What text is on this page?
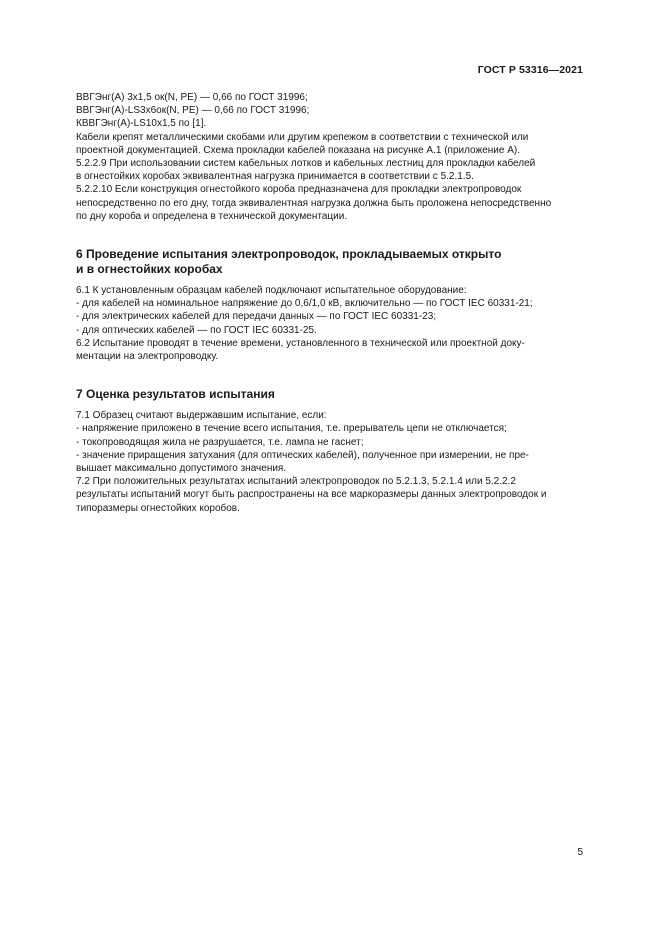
ГОСТ Р 53316—2021

ВВГЭнг(А) 3х1,5 ок(N, PE) — 0,66 по ГОСТ 31996;

ВВГЭнг(А)-LS3х6ок(N, PE) — 0,66 по ГОСТ 31996;

КВВГЭнг(А)-LS10х1,5 по [1].

Кабели крепят металлическими скобами или другим крепежом в соответствии с технической или

проектной документацией. Схема прокладки кабелей показана на рисунке А.1 (приложение А).

5.2.2.9 При использовании систем кабельных лотков и кабельных лестниц для прокладки кабелей

в огнестойких коробах эквивалентная нагрузка принимается в соответствии с 5.2.1.5.

5.2.2.10 Если конструкция огнестойкого короба предназначена для прокладки электропроводок

непосредственно по его дну, тогда эквивалентная нагрузка должна быть проложена непосредственно

по дну короба и определена в технической документации.

6 Проведение испытания электропроводок, прокладываемых открыто

и в огнестойких коробах

6.1 К установленным образцам кабелей подключают испытательное оборудование:

- для кабелей на номинальное напряжение до 0,6/1,0 кВ, включительно — по ГОСТ IEC 60331-21;

- для электрических кабелей для передачи данных — по ГОСТ IEC 60331-23;

- для оптических кабелей — по ГОСТ IEC 60331-25.

6.2 Испытание проводят в течение времени, установленного в технической или проектной доку-

ментации на электропроводку.

7 Оценка результатов испытания

7.1 Образец считают выдержавшим испытание, если:

- напряжение приложено в течение всего испытания, т.е. прерыватель цепи не отключается;

- токопроводящая жила не разрушается, т.е. лампа не гаснет;

- значение приращения затухания (для оптических кабелей), полученное при измерении, не пре-

вышает максимально допустимого значения.

7.2 При положительных результатах испытаний электропроводок по 5.2.1.3, 5.2.1.4 или 5.2.2.2

результаты испытаний могут быть распространены на все маркоразмеры данных электропроводок и

типоразмеры огнестойких коробов.

5
